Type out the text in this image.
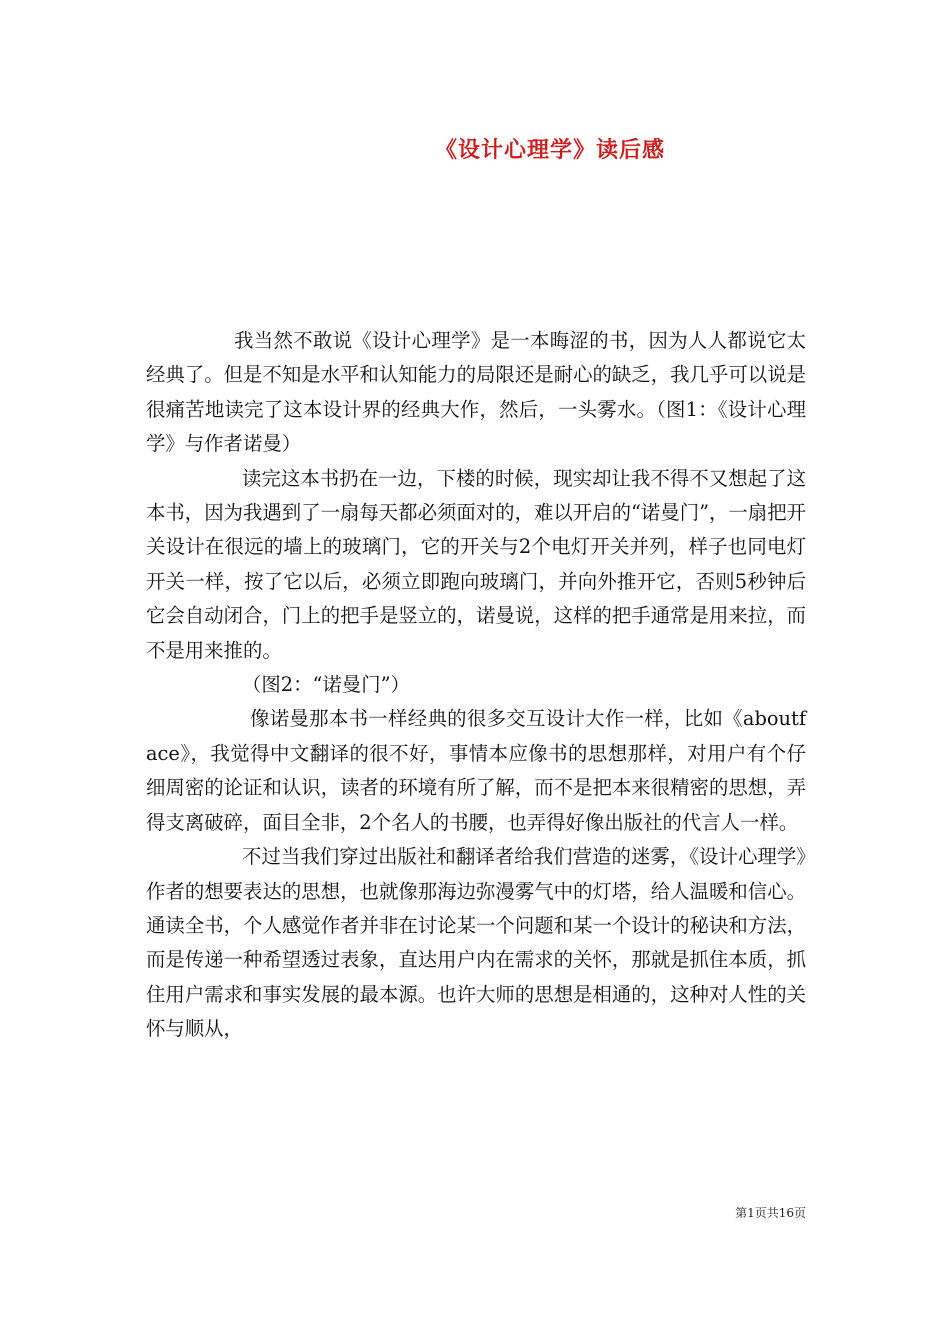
《设计心理学》读后感

我当然不敢说《设计心理学》是一本晦涩的书，因为人人都说它太经典了。但是不知是水平和认知能力的局限还是耐心的缺乏，我几乎可以说是很痛苦地读完了这本设计界的经典大作，然后，一头雾水。（图1：《设计心理学》与作者诺曼）

读完这本书扔在一边，下楼的时候，现实却让我不得不又想起了这本书，因为我遇到了一扇每天都必须面对的，难以开启的“诺曼门”，一扇把开关设计在很远的墙上的玻璃门，它的开关与2个电灯开关并列，样子也同电灯开关一样，按了它以后，必须立即跑向玻璃门，并向外推开它，否则5秒钟后它会自动闭合，门上的把手是竖立的，诺曼说，这样的把手通常是用来拉，而不是用来推的。

（图2：“诺曼门”）

像诺曼那本书一样经典的很多交互设计大作一样，比如《aboutface》，我觉得中文翻译的很不好，事情本应像书的思想那样，对用户有个仔细周密的论证和认识，读者的环境有所了解，而不是把本来很精密的思想，弄得支离破碎，面目全非，2个名人的书腰，也弄得好像出版社的代言人一样。

不过当我们穿过出版社和翻译者给我们营造的迷雾，《设计心理学》作者的想要表达的思想，也就像那海边弥漫雾气中的灯塔，给人温暖和信心。通读全书，个人感觉作者并非在讨论某一个问题和某一个设计的秘诀和方法，而是传递一种希望透过表象，直达用户内在需求的关怀，那就是抓住本质，抓住用户需求和事实发展的最本源。也许大师的思想是相通的，这种对人性的关怀与顺从，

第1页共16页
